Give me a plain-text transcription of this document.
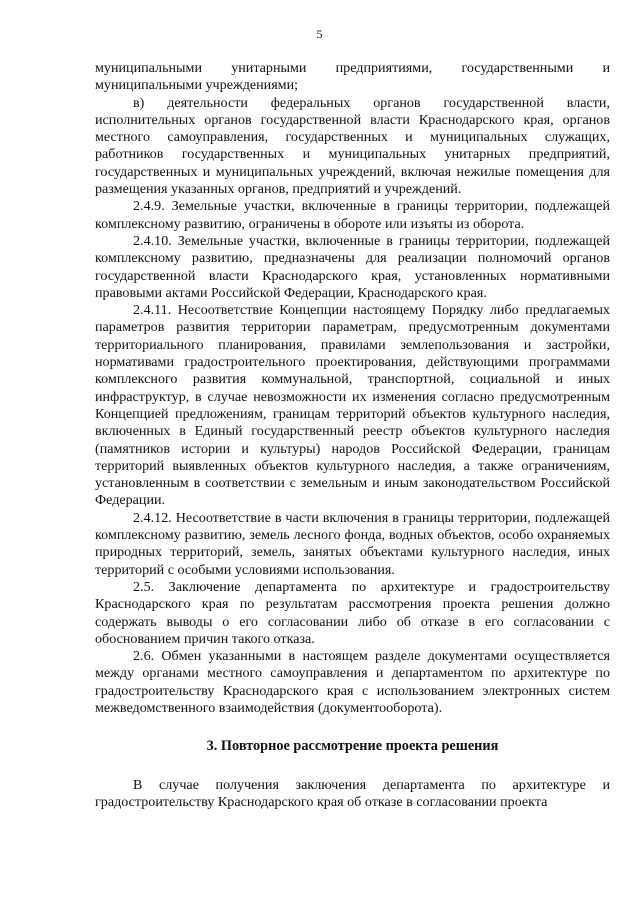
5

муниципальными унитарными предприятиями, государственными и муниципальными учреждениями;

в) деятельности федеральных органов государственной власти, исполнительных органов государственной власти Краснодарского края, органов местного самоуправления, государственных и муниципальных служащих, работников государственных и муниципальных унитарных предприятий, государственных и муниципальных учреждений, включая нежилые помещения для размещения указанных органов, предприятий и учреждений.

2.4.9. Земельные участки, включенные в границы территории, подлежащей комплексному развитию, ограничены в обороте или изъяты из оборота.

2.4.10. Земельные участки, включенные в границы территории, подлежащей комплексному развитию, предназначены для реализации полномочий органов государственной власти Краснодарского края, установленных нормативными правовыми актами Российской Федерации, Краснодарского края.

2.4.11. Несоответствие Концепции настоящему Порядку либо предлагаемых параметров развития территории параметрам, предусмотренным документами территориального планирования, правилами землепользования и застройки, нормативами градостроительного проектирования, действующими программами комплексного развития коммунальной, транспортной, социальной и иных инфраструктур, в случае невозможности их изменения согласно предусмотренным Концепцией предложениям, границам территорий объектов культурного наследия, включенных в Единый государственный реестр объектов культурного наследия (памятников истории и культуры) народов Российской Федерации, границам территорий выявленных объектов культурного наследия, а также ограничениям, установленным в соответствии с земельным и иным законодательством Российской Федерации.

2.4.12. Несоответствие в части включения в границы территории, подлежащей комплексному развитию, земель лесного фонда, водных объектов, особо охраняемых природных территорий, земель, занятых объектами культурного наследия, иных территорий с особыми условиями использования.

2.5. Заключение департамента по архитектуре и градостроительству Краснодарского края по результатам рассмотрения проекта решения должно содержать выводы о его согласовании либо об отказе в его согласовании с обоснованием причин такого отказа.

2.6. Обмен указанными в настоящем разделе документами осуществляется между органами местного самоуправления и департаментом по архитектуре по градостроительству Краснодарского края с использованием электронных систем межведомственного взаимодействия (документооборота).

3. Повторное рассмотрение проекта решения

В случае получения заключения департамента по архитектуре и градостроительству Краснодарского края об отказе в согласовании проекта
